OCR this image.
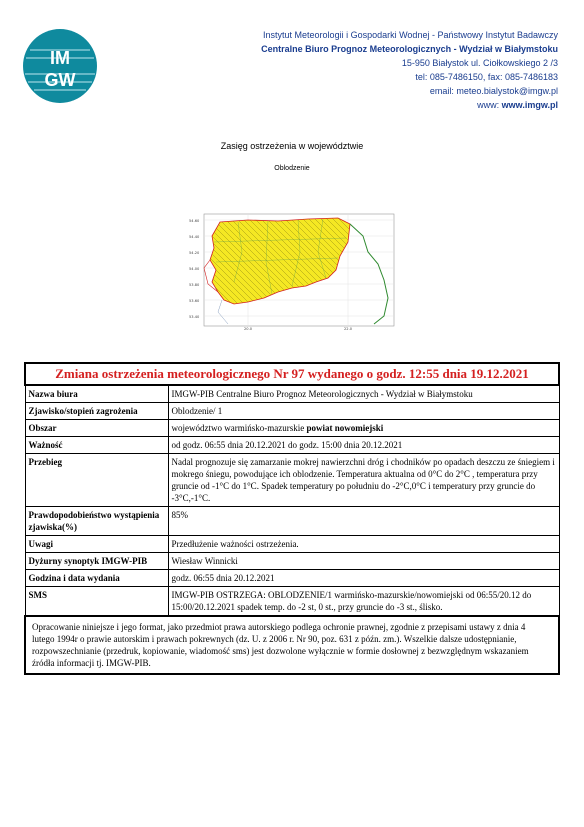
IM
GW
Instytut Meteorologii i Gospodarki Wodnej - Państwowy Instytut Badawczy
Centralne Biuro Prognoz Meteorologicznych - Wydział w Białymstoku
15-950 Białystok ul. Ciołkowskiego 2 /3
tel: 085-7486150, fax: 085-7486183
email: meteo.bialystok@imgw.pl
www: www.imgw.pl
Zasięg ostrzeżenia w województwie
Oblodzenie
54.60
54.40
54.20
54.00
53.80
53.60
53.40
20.0	22.0
Zmiana ostrzeżenia meteorologicznego Nr 97 wydanego o godz. 12:55 dnia 19.12.2021	
Nazwa biura	IMGW-PIB Centralne Biuro Prognoz Meteorologicznych - Wydział w Białymstoku
Zjawisko/stopień zagrożenia	Oblodzenie/ 1
Obszar	województwo warmińsko-mazurskie powiat nowomiejski
Ważność	od godz. 06:55 dnia 20.12.2021 do godz. 15:00 dnia 20.12.2021
Przebieg	Nadal prognozuje się zamarzanie mokrej nawierzchni dróg i chodników po opadach deszczu ze śniegiem i mokrego śniegu, powodujące ich oblodzenie. Temperatura aktualna od 0°C do 2°C , temperatura przy gruncie od -1°C do 1°C. Spadek temperatury po południu do -2°C,0°C i temperatury przy gruncie do -3°C,-1°C.
Prawdopodobieństwo wystąpienia zjawiska(%)	85%
Uwagi	Przedłużenie ważności ostrzeżenia.
Dyżurny synoptyk IMGW-PIB	Wiesław Winnicki
Godzina i data wydania	godz. 06:55 dnia 20.12.2021
SMS	IMGW-PIB OSTRZEGA: OBLODZENIE/1 warmińsko-mazurskie/nowomiejski od 06:55/20.12 do 15:00/20.12.2021 spadek temp. do -2 st, 0 st., przy gruncie do -3 st., ślisko.
Opracowanie niniejsze i jego format, jako przedmiot prawa autorskiego podlega ochronie prawnej, zgodnie z przepisami ustawy z dnia 4 lutego 1994r o prawie autorskim i prawach pokrewnych (dz. U. z 2006 r. Nr 90, poz. 631 z późn. zm.). Wszelkie dalsze udostępnianie, rozpowszechnianie (przedruk, kopiowanie, wiadomość sms) jest dozwolone wyłącznie w formie dosłownej z bezwzględnym wskazaniem źródła informacji tj. IMGW-PIB.	
